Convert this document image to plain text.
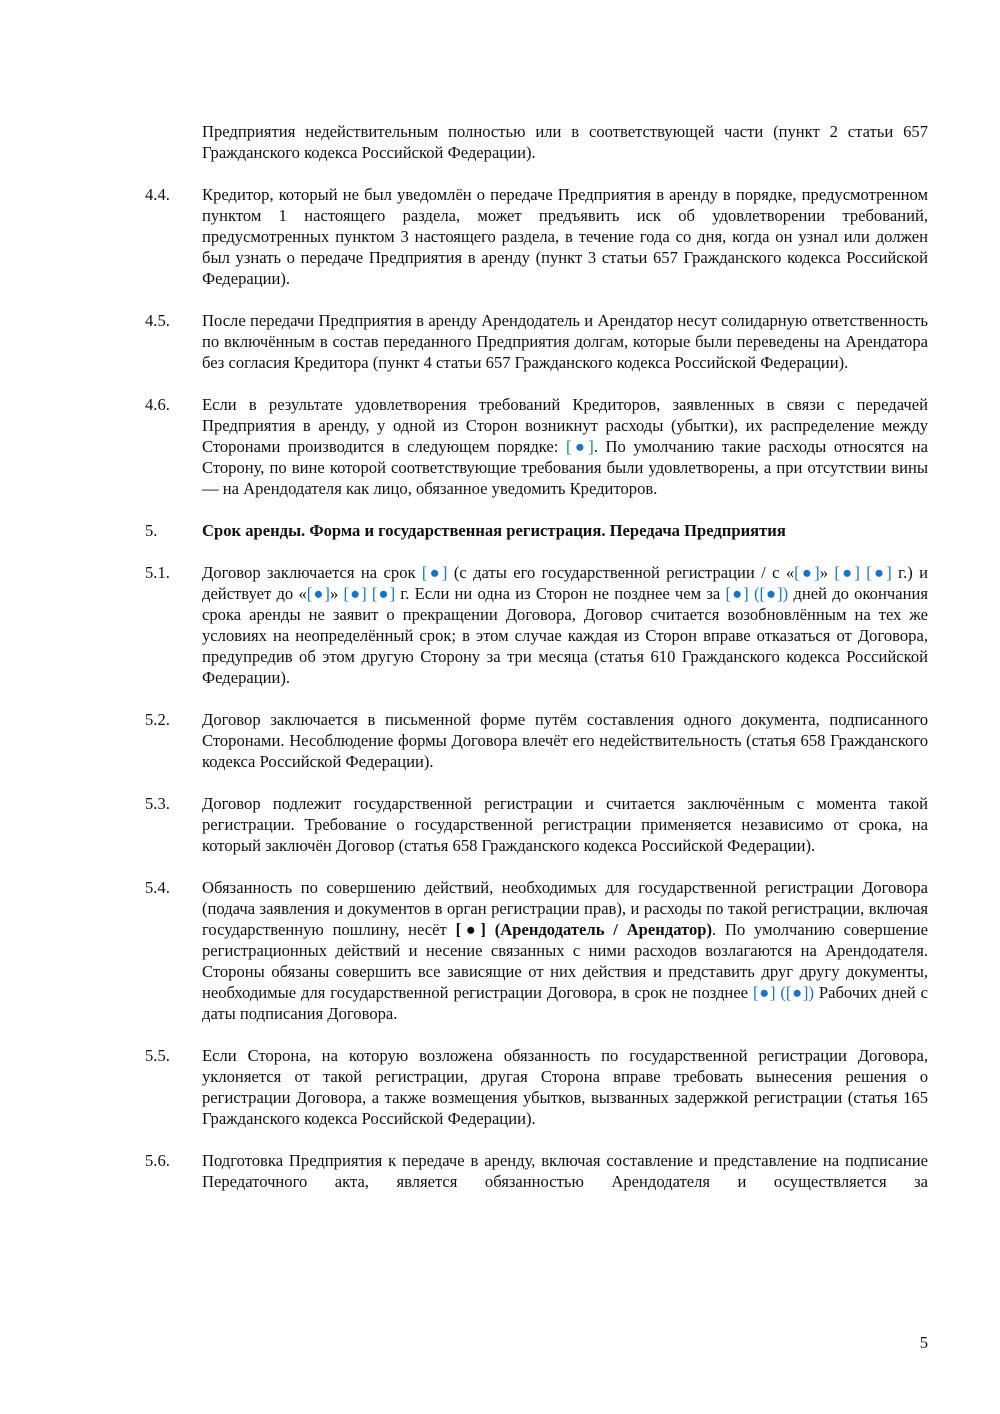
Предприятия недействительным полностью или в соответствующей части (пункт 2 статьи 657 Гражданского кодекса Российской Федерации).

4.4.	Кредитор, который не был уведомлён о передаче Предприятия в аренду в порядке, предусмотренном пунктом 1 настоящего раздела, может предъявить иск об удовлетворении требований, предусмотренных пунктом 3 настоящего раздела, в течение года со дня, когда он узнал или должен был узнать о передаче Предприятия в аренду (пункт 3 статьи 657 Гражданского кодекса Российской Федерации).
4.5.	После передачи Предприятия в аренду Арендодатель и Арендатор несут солидарную ответственность по включённым в состав переданного Предприятия долгам, которые были переведены на Арендатора без согласия Кредитора (пункт 4 статьи 657 Гражданского кодекса Российской Федерации).
4.6.	Если в результате удовлетворения требований Кредиторов, заявленных в связи с передачей Предприятия в аренду, у одной из Сторон возникнут расходы (убытки), их распределение между Сторонами производится в следующем порядке: [●]. По умолчанию такие расходы относятся на Сторону, по вине которой соответствующие требования были удовлетворены, а при отсутствии вины — на Арендодателя как лицо, обязанное уведомить Кредиторов.
5.	Срок аренды. Форма и государственная регистрация. Передача Предприятия
5.1.	Договор заключается на срок [●] (с даты его государственной регистрации / с «[●]» [●] [●] г.) и действует до «[●]» [●] [●] г. Если ни одна из Сторон не позднее чем за [●] ([●]) дней до окончания срока аренды не заявит о прекращении Договора, Договор считается возобновлённым на тех же условиях на неопределённый срок; в этом случае каждая из Сторон вправе отказаться от Договора, предупредив об этом другую Сторону за три месяца (статья 610 Гражданского кодекса Российской Федерации).
5.2.	Договор заключается в письменной форме путём составления одного документа, подписанного Сторонами. Несоблюдение формы Договора влечёт его недействительность (статья 658 Гражданского кодекса Российской Федерации).
5.3.	Договор подлежит государственной регистрации и считается заключённым с момента такой регистрации. Требование о государственной регистрации применяется независимо от срока, на который заключён Договор (статья 658 Гражданского кодекса Российской Федерации).
5.4.	Обязанность по совершению действий, необходимых для государственной регистрации Договора (подача заявления и документов в орган регистрации прав), и расходы по такой регистрации, включая государственную пошлину, несёт [●] (Арендодатель / Арендатор). По умолчанию совершение регистрационных действий и несение связанных с ними расходов возлагаются на Арендодателя. Стороны обязаны совершить все зависящие от них действия и представить друг другу документы, необходимые для государственной регистрации Договора, в срок не позднее [●] ([●]) Рабочих дней с даты подписания Договора.
5.5.	Если Сторона, на которую возложена обязанность по государственной регистрации Договора, уклоняется от такой регистрации, другая Сторона вправе требовать вынесения решения о регистрации Договора, а также возмещения убытков, вызванных задержкой регистрации (статья 165 Гражданского кодекса Российской Федерации).
5.6.	Подготовка Предприятия к передаче в аренду, включая составление и представление на подписание Передаточного акта, является обязанностью Арендодателя и осуществляется за
5
